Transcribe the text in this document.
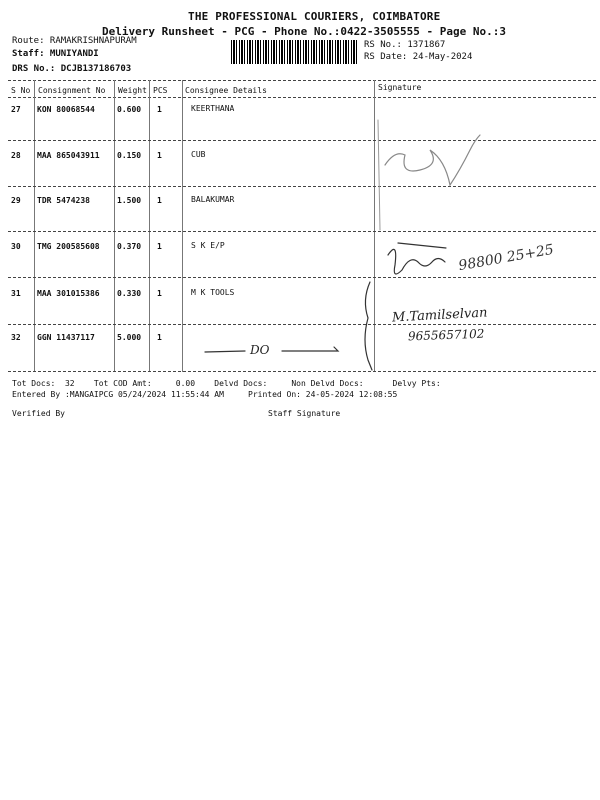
THE PROFESSIONAL COURIERS, COIMBATORE
Delivery Runsheet - PCG - Phone No.:0422-3505555 - Page No.:3
Route: RAMAKRISHNAPURAM
Staff: MUNIYANDI
DRS No.: DCJB137186703
RS No.: 1371867
RS Date: 24-May-2024
S No Consignment No Weight PCS Consignee Details	Signature
27 KON 80068544	0.600 1	KEERTHANA
28 MAA 865043911 0.150 1	CUB
29 TDR 5474238	1.500 1	BALAKUMAR
30 TMG 200585608 0.370 1	S K E/P
31 MAA 301015386 0.330 1	M K TOOLS
32 GGN 11437117	5.000 1
98800 25+25
M.Tamilselvan
9655657102
DO
Tot Docs:  32    Tot COD Amt:     0.00    Delvd Docs:     Non Delvd Docs:      Delvy Pts:
Entered By :MANGAIPCG 05/24/2024 11:55:44 AM     Printed On: 24-05-2024 12:08:55
Verified By	Staff Signature
